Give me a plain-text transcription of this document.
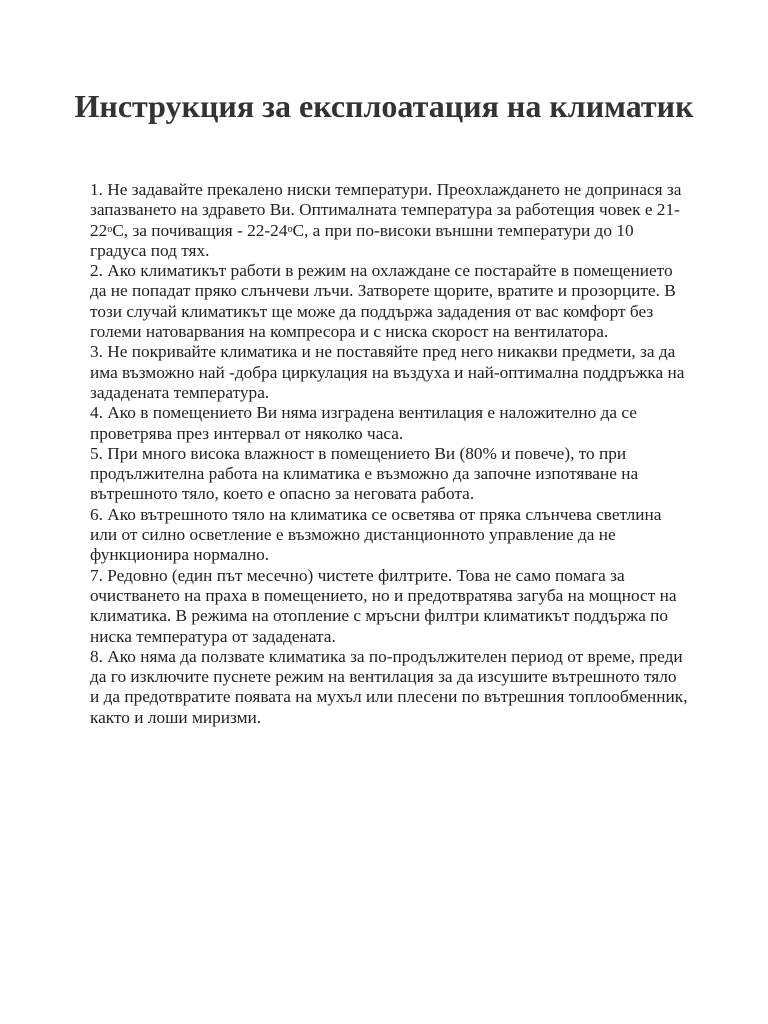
Инструкция за експлоатация на климатик

1. Не задавайте прекалено ниски температури. Преохлаждането не допринася за запазването на здравето Ви. Оптималната температура за работещия човек е $21-22^оС$, за почиващия - $22-24^оС$, а при по-високи външни температури до 10 градуса под тях.

2. Ако климатикът работи в режим на охлаждане се постарайте в помещението да не попадат пряко слънчеви лъчи. Затворете щорите, вратите и прозорците. В този случай климатикът ще може да поддържа зададения от вас комфорт без големи натоварвания на компресора и с ниска скорост на вентилатора.

3. Не покривайте климатика и не поставяйте пред него никакви предмети, за да има възможно най -добра циркулация на въздуха и най-оптимална поддръжка на зададената температура.

4. Ако в помещението Ви няма изградена вентилация е наложително да се проветрява през интервал от няколко часа.

5. При много висока влажност в помещението Ви (80% и повече), то при продължителна работа на климатика е възможно да започне изпотяване на вътрешното тяло, което е опасно за неговата работа.

6. Ако вътрешното тяло на климатика се осветява от пряка слънчева светлина или от силно осветление е възможно дистанционното управление да не функционира нормално.

7. Редовно (един път месечно) чистете филтрите. Това не само помага за очистването на праха в помещението, но и предотвратява загуба на мощност на климатика. В режима на отопление с мръсни филтри климатикът поддържа по ниска температура от зададената.

8. Ако няма да ползвате климатика за по-продължителен период от време, преди да го изключите пуснете режим на вентилация за да изсушите вътрешното тяло и да предотвратите появата на мухъл или плесени по вътрешния топлообменник, както и лоши миризми.
